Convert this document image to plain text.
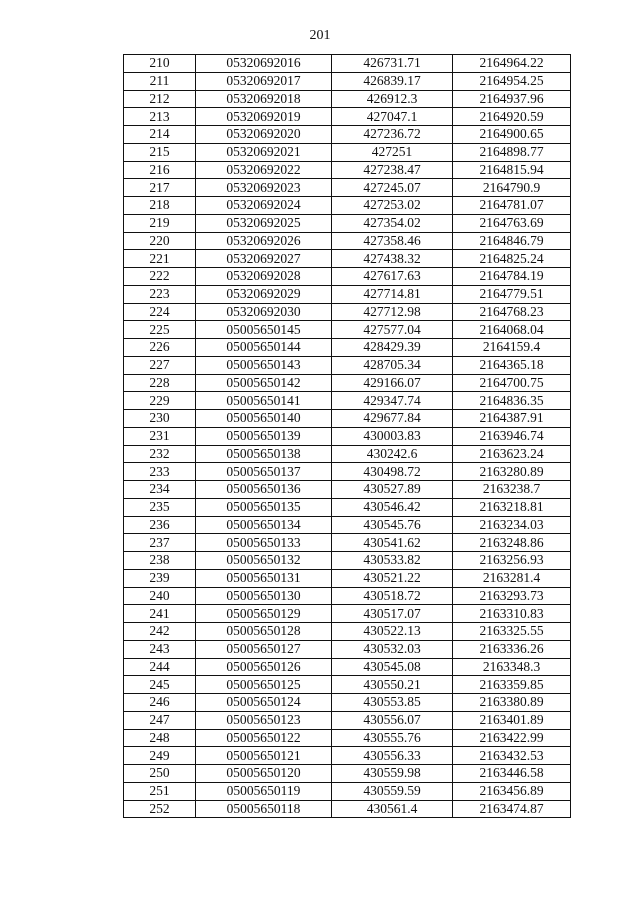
201
210	05320692016	426731.71	2164964.22
211	05320692017	426839.17	2164954.25
212	05320692018	426912.3	2164937.96
213	05320692019	427047.1	2164920.59
214	05320692020	427236.72	2164900.65
215	05320692021	427251	2164898.77
216	05320692022	427238.47	2164815.94
217	05320692023	427245.07	2164790.9
218	05320692024	427253.02	2164781.07
219	05320692025	427354.02	2164763.69
220	05320692026	427358.46	2164846.79
221	05320692027	427438.32	2164825.24
222	05320692028	427617.63	2164784.19
223	05320692029	427714.81	2164779.51
224	05320692030	427712.98	2164768.23
225	05005650145	427577.04	2164068.04
226	05005650144	428429.39	2164159.4
227	05005650143	428705.34	2164365.18
228	05005650142	429166.07	2164700.75
229	05005650141	429347.74	2164836.35
230	05005650140	429677.84	2164387.91
231	05005650139	430003.83	2163946.74
232	05005650138	430242.6	2163623.24
233	05005650137	430498.72	2163280.89
234	05005650136	430527.89	2163238.7
235	05005650135	430546.42	2163218.81
236	05005650134	430545.76	2163234.03
237	05005650133	430541.62	2163248.86
238	05005650132	430533.82	2163256.93
239	05005650131	430521.22	2163281.4
240	05005650130	430518.72	2163293.73
241	05005650129	430517.07	2163310.83
242	05005650128	430522.13	2163325.55
243	05005650127	430532.03	2163336.26
244	05005650126	430545.08	2163348.3
245	05005650125	430550.21	2163359.85
246	05005650124	430553.85	2163380.89
247	05005650123	430556.07	2163401.89
248	05005650122	430555.76	2163422.99
249	05005650121	430556.33	2163432.53
250	05005650120	430559.98	2163446.58
251	05005650119	430559.59	2163456.89
252	05005650118	430561.4	2163474.87
